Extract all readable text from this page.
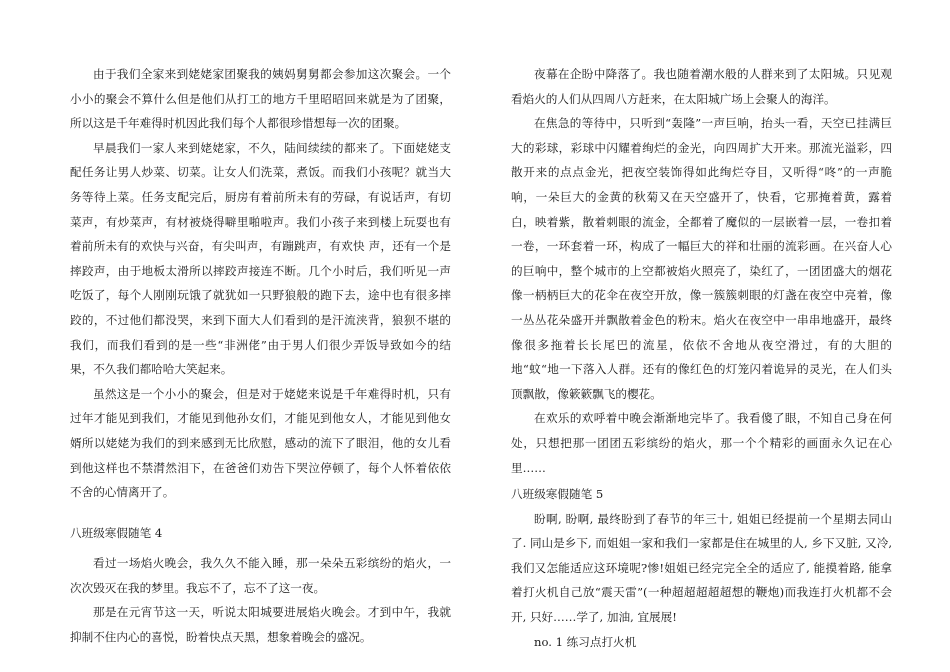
由于我们全家来到姥姥家团聚我的姨妈舅舅都会参加这次聚会。一个小小的聚会不算什么但是他们从打工的地方千里昭昭回来就是为了团聚，所以这是千年难得时机因此我们每个人都很珍惜想每一次的团聚。

早晨我们一家人来到姥姥家，不久，陆间续续的都来了。下面姥姥支配任务让男人炒菜、切菜。让女人们洗菜，煮饭。而我们小孩呢？就当大务等待上菜。任务支配完后，厨房有着前所未有的劳碌，有说话声，有切菜声，有炒菜声，有材被烧得噼里啪啦声。我们小孩子来到楼上玩耍也有着前所未有的欢快与兴奋，有尖叫声，有蹦跳声，有欢快 声，还有一个是摔跤声，由于地板太滑所以摔跤声接连不断。几个小时后，我们听见一声吃饭了，每个人刚刚玩饿了就犹如一只野狼般的跑下去，途中也有很多摔跤的，不过他们都没哭，来到下面大人们看到的是汗流浃背，狼狈不堪的我们，而我们看到的是一些“非洲佬”由于男人们很少弄饭导致如今的结果，不久我们都哈哈大笑起来。

虽然这是一个小小的聚会，但是对于姥姥来说是千年难得时机，只有过年才能见到我们，才能见到他孙女们，才能见到他女人，才能见到他女婿所以姥姥为我们的到来感到无比欣慰，感动的流下了眼泪，他的女儿看到他这样也不禁潸然泪下，在爸爸们劝告下哭泣停顿了，每个人怀着依依不舍的心情离开了。

八班级寒假随笔 4

看过一场焰火晚会，我久久不能入睡，那一朵朵五彩缤纷的焰火，一次次毁灭在我的梦里。我忘不了，忘不了这一夜。

那是在元宵节这一天，听说太阳城要进展焰火晚会。才到中午，我就抑制不住内心的喜悦，盼着快点天黑，想象着晚会的盛况。

夜幕在企盼中降落了。我也随着潮水般的人群来到了太阳城。只见观看焰火的人们从四周八方赶来，在太阳城广场上会聚人的海洋。

在焦急的等待中，只听到“轰隆”一声巨响，抬头一看，天空已挂满巨大的彩球，彩球中闪耀着绚烂的金光，向四周扩大开来。那流光溢彩，四散开来的点点金光，把夜空装饰得如此绚烂夺目，又听得“咚”的一声脆响，一朵巨大的金黄的秋菊又在天空盛开了，快看，它那掩着黄，露着白，映着紫，散着刺眼的流金，全都着了魔似的一层嵌着一层，一卷扣着一卷，一环套着一环，构成了一幅巨大的祥和壮丽的流彩画。在兴奋人心的巨响中，整个城市的上空都被焰火照亮了，染红了，一团团盛大的烟花像一柄柄巨大的花伞在夜空开放，像一簇簇刺眼的灯盏在夜空中亮着，像一丛丛花朵盛开并飘散着金色的粉末。焰火在夜空中一串串地盛开，最终像很多拖着长长尾巴的流星，依依不舍地从夜空滑过，有的大胆的地“蚊“地一下落入人群。还有的像红色的灯笼闪着诡异的灵光，在人们头顶飘散，像簌簌飘飞的樱花。

在欢乐的欢呼着中晚会渐渐地完毕了。我看傻了眼，不知自己身在何处，只想把那一团团五彩缤纷的焰火，那一个个精彩的画面永久记在心里……

八班级寒假随笔 5

盼啊, 盼啊, 最终盼到了春节的年三十, 姐姐已经提前一个星期去同山了. 同山是乡下, 而姐姐一家和我们一家都是住在城里的人, 乡下又脏, 又冷, 我们又怎能适应这环境呢?惨!姐姐已经完完全全的适应了, 能摸着路, 能拿着打火机自己放“震天雷”(一种超超超超超想的鞭炮)而我连打火机都不会开, 只好……学了, 加油, 宜展展!

no. 1 练习点打火机
